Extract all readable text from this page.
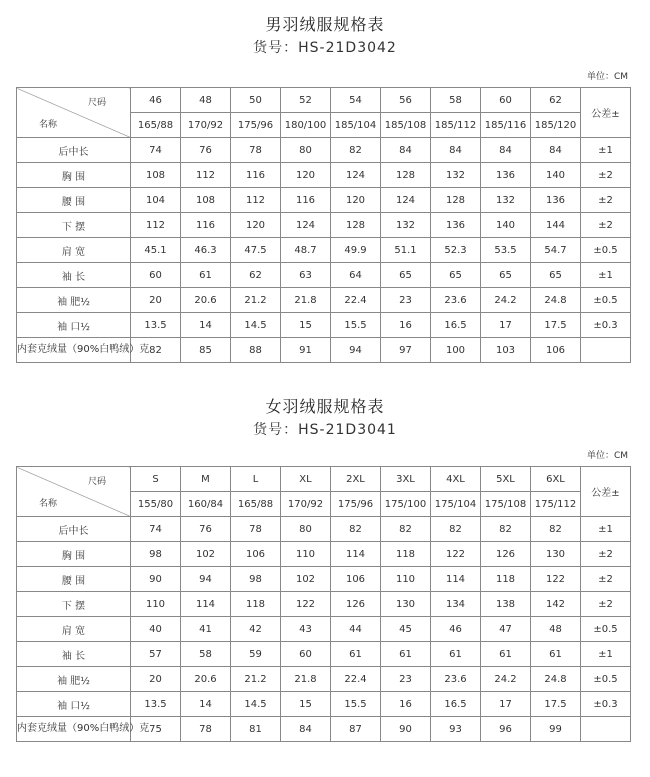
男羽绒服规格表
货号：HS-21D3042
单位：CM
尺码
名称	46	48	50	52	54	56	58	60	62	公差±
	165/88	170/92	175/96	180/100	185/104	185/108	185/112	185/116	185/120	
后中长	74	76	78	80	82	84	84	84	84	±1
胸 围	108	112	116	120	124	128	132	136	140	±2
腰 围	104	108	112	116	120	124	128	132	136	±2
下 摆	112	116	120	124	128	132	136	140	144	±2
肩 宽	45.1	46.3	47.5	48.7	49.9	51.1	52.3	53.5	54.7	±0.5
袖 长	60	61	62	63	64	65	65	65	65	±1
袖 肥½	20	20.6	21.2	21.8	22.4	23	23.6	24.2	24.8	±0.5
袖 口½	13.5	14	14.5	15	15.5	16	16.5	17	17.5	±0.3
内套克绒量（90%白鸭绒）克	82	85	88	91	94	97	100	103	106	
女羽绒服规格表
货号：HS-21D3041
单位：CM
尺码
名称	S	M	L	XL	2XL	3XL	4XL	5XL	6XL	公差±
	155/80	160/84	165/88	170/92	175/96	175/100	175/104	175/108	175/112	
后中长	74	76	78	80	82	82	82	82	82	±1
胸 围	98	102	106	110	114	118	122	126	130	±2
腰 围	90	94	98	102	106	110	114	118	122	±2
下 摆	110	114	118	122	126	130	134	138	142	±2
肩 宽	40	41	42	43	44	45	46	47	48	±0.5
袖 长	57	58	59	60	61	61	61	61	61	±1
袖 肥½	20	20.6	21.2	21.8	22.4	23	23.6	24.2	24.8	±0.5
袖 口½	13.5	14	14.5	15	15.5	16	16.5	17	17.5	±0.3
内套克绒量（90%白鸭绒）克	75	78	81	84	87	90	93	96	99	
